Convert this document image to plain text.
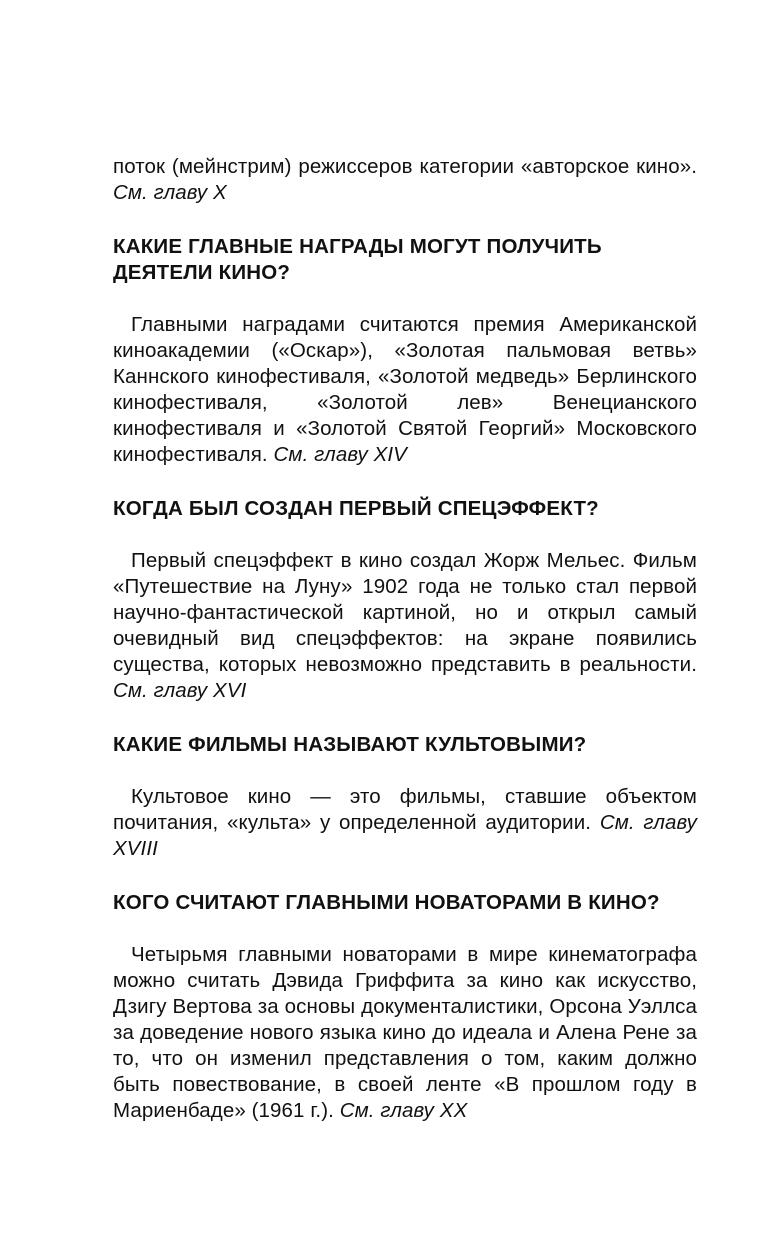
поток (мейнстрим) режиссеров категории «авторское кино». См. главу X

КАКИЕ ГЛАВНЫЕ НАГРАДЫ МОГУТ ПОЛУЧИТЬ ДЕЯТЕЛИ КИНО?

Главными наградами считаются премия Американской киноакадемии («Оскар»), «Золотая пальмовая ветвь» Каннского кинофестиваля, «Золотой медведь» Берлинского кинофестиваля, «Золотой лев» Венецианского кинофестиваля и «Золотой Святой Георгий» Московского кинофестиваля. См. главу XIV

КОГДА БЫЛ СОЗДАН ПЕРВЫЙ СПЕЦЭФФЕКТ?

Первый спецэффект в кино создал Жорж Мельес. Фильм «Путешествие на Луну» 1902 года не только стал первой научно-фантастической картиной, но и открыл самый очевидный вид спецэффектов: на экране появились существа, которых невозможно представить в реальности. См. главу XVI

КАКИЕ ФИЛЬМЫ НАЗЫВАЮТ КУЛЬТОВЫМИ?

Культовое кино — это фильмы, ставшие объектом почитания, «культа» у определенной аудитории. См. главу XVIII

КОГО СЧИТАЮТ ГЛАВНЫМИ НОВАТОРАМИ В КИНО?

Четырьмя главными новаторами в мире кинематографа можно считать Дэвида Гриффита за кино как искусство, Дзигу Вертова за основы документалистики, Орсона Уэллса за доведение нового языка кино до идеала и Алена Рене за то, что он изменил представления о том, каким должно быть повествование, в своей ленте «В прошлом году в Мариенбаде» (1961 г.). См. главу XX
